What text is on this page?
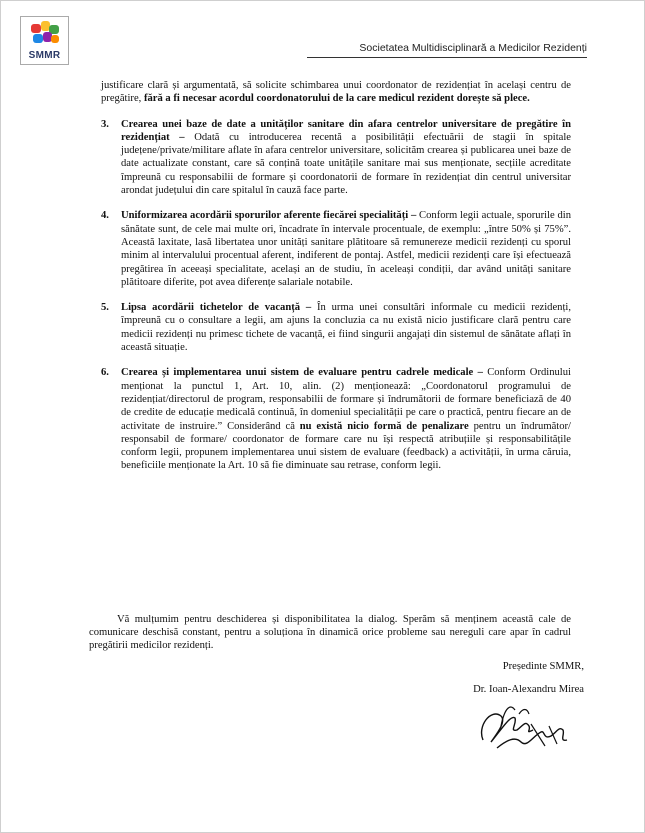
SMMR
Societatea Multidisciplinară a Medicilor Rezidenți

justificare clară și argumentată, să solicite schimbarea unui coordonator de rezidențiat în același centru de pregătire, fără a fi necesar acordul coordonatorului de la care medicul rezident dorește să plece.

3. Crearea unei baze de date a unităților sanitare din afara centrelor universitare de pregătire în rezidențiat – Odată cu introducerea recentă a posibilității efectuării de stagii în spitale județene/private/militare aflate în afara centrelor universitare, solicităm crearea și publicarea unei baze de date actualizate constant, care să conțină toate unitățile sanitare mai sus menționate, secțiile acreditate împreună cu responsabilii de formare și coordonatorii de formare în rezidențiat din centrul universitar arondat județului din care spitalul în cauză face parte.

4. Uniformizarea acordării sporurilor aferente fiecărei specialități – Conform legii actuale, sporurile din sănătate sunt, de cele mai multe ori, încadrate în intervale procentuale, de exemplu: „între 50% și 75%”. Această laxitate, lasă libertatea unor unități sanitare plătitoare să remunereze medicii rezidenți cu sporul minim al intervalului procentual aferent, indiferent de pontaj. Astfel, medicii rezidenți care își efectuează pregătirea în aceeași specialitate, același an de studiu, în aceleași condiții, dar având unități sanitare plătitoare diferite, pot avea diferențe salariale notabile.

5. Lipsa acordării tichetelor de vacanță – În urma unei consultări informale cu medicii rezidenți, împreună cu o consultare a legii, am ajuns la concluzia ca nu există nicio justificare clară pentru care medicii rezidenți nu primesc tichete de vacanță, ei fiind singurii angajați din sistemul de sănătate aflați în această situație.

6. Crearea și implementarea unui sistem de evaluare pentru cadrele medicale – Conform Ordinului menționat la punctul 1, Art. 10, alin. (2) menționează: „Coordonatorul programului de rezidențiat/directorul de program, responsabilii de formare și îndrumătorii de formare beneficiază de 40 de credite de educație medicală continuă, în domeniul specialității pe care o practică, pentru fiecare an de activitate de instruire.” Considerând că nu există nicio formă de penalizare pentru un îndrumător/ responsabil de formare/ coordonator de formare care nu își respectă atribuțiile și responsabilitățile conform legii, propunem implementarea unui sistem de evaluare (feedback) a activității, în urma căruia, beneficiile menționate la Art. 10 să fie diminuate sau retrase, conform legii.

Vă mulțumim pentru deschiderea și disponibilitatea la dialog. Sperăm să menținem această cale de comunicare deschisă constant, pentru a soluționa în dinamică orice probleme sau nereguli care apar în cadrul pregătirii medicilor rezidenți.

Președinte SMMR,
Dr. Ioan-Alexandru Mirea
